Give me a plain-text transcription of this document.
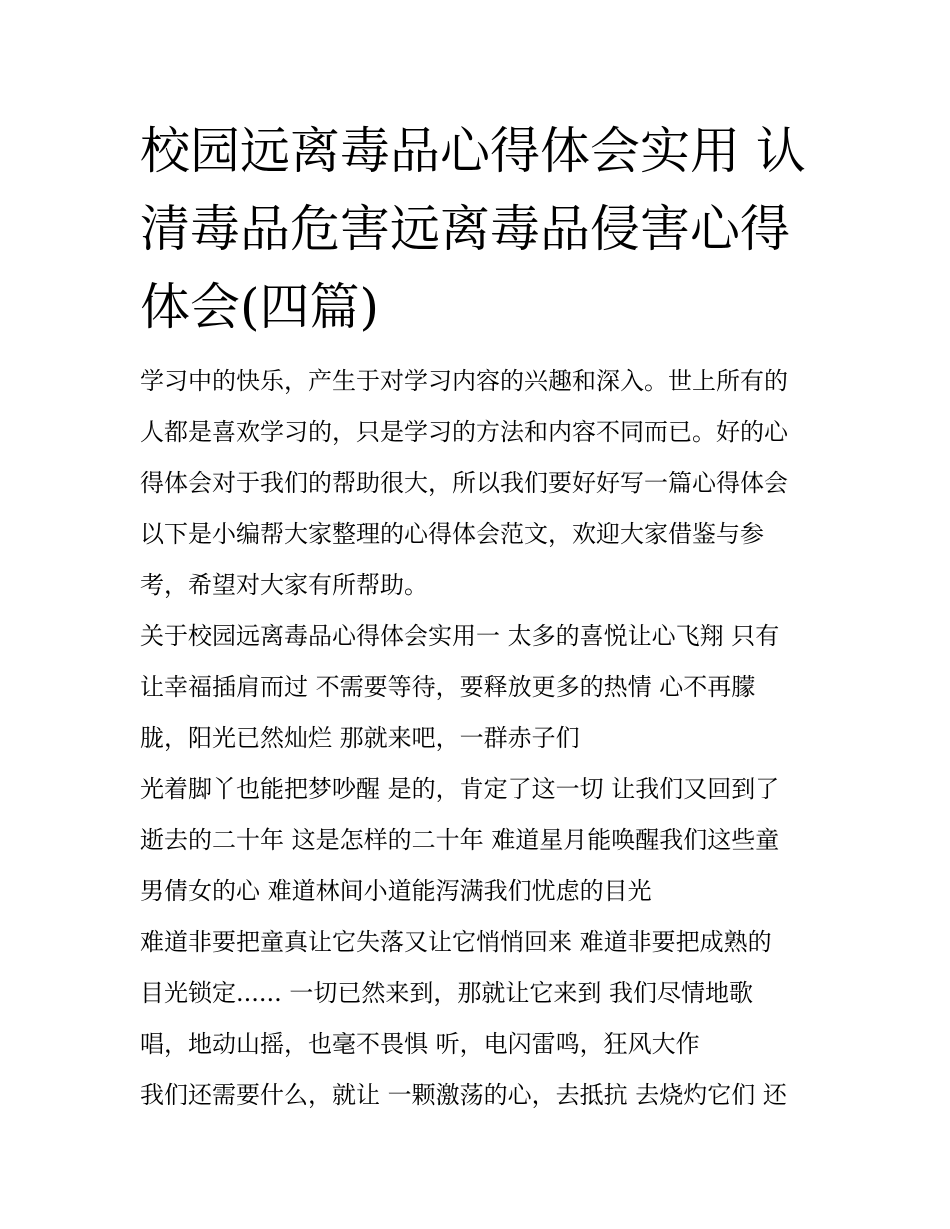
校园远离毒品心得体会实用 认
清毒品危害远离毒品侵害心得
体会(四篇)
学习中的快乐，产生于对学习内容的兴趣和深入。世上所有的
人都是喜欢学习的，只是学习的方法和内容不同而已。好的心
得体会对于我们的帮助很大，所以我们要好好写一篇心得体会
以下是小编帮大家整理的心得体会范文，欢迎大家借鉴与参
考，希望对大家有所帮助。
关于校园远离毒品心得体会实用一 太多的喜悦让心飞翔 只有
让幸福插肩而过 不需要等待，要释放更多的热情 心不再朦
胧，阳光已然灿烂 那就来吧，一群赤子们
光着脚丫也能把梦吵醒 是的，肯定了这一切 让我们又回到了
逝去的二十年 这是怎样的二十年 难道星月能唤醒我们这些童
男倩女的心 难道林间小道能泻满我们忧虑的目光
难道非要把童真让它失落又让它悄悄回来 难道非要把成熟的
目光锁定...... 一切已然来到，那就让它来到 我们尽情地歌
唱，地动山摇，也毫不畏惧 听，电闪雷鸣，狂风大作
我们还需要什么，就让 一颗激荡的心，去抵抗 去烧灼它们 还
